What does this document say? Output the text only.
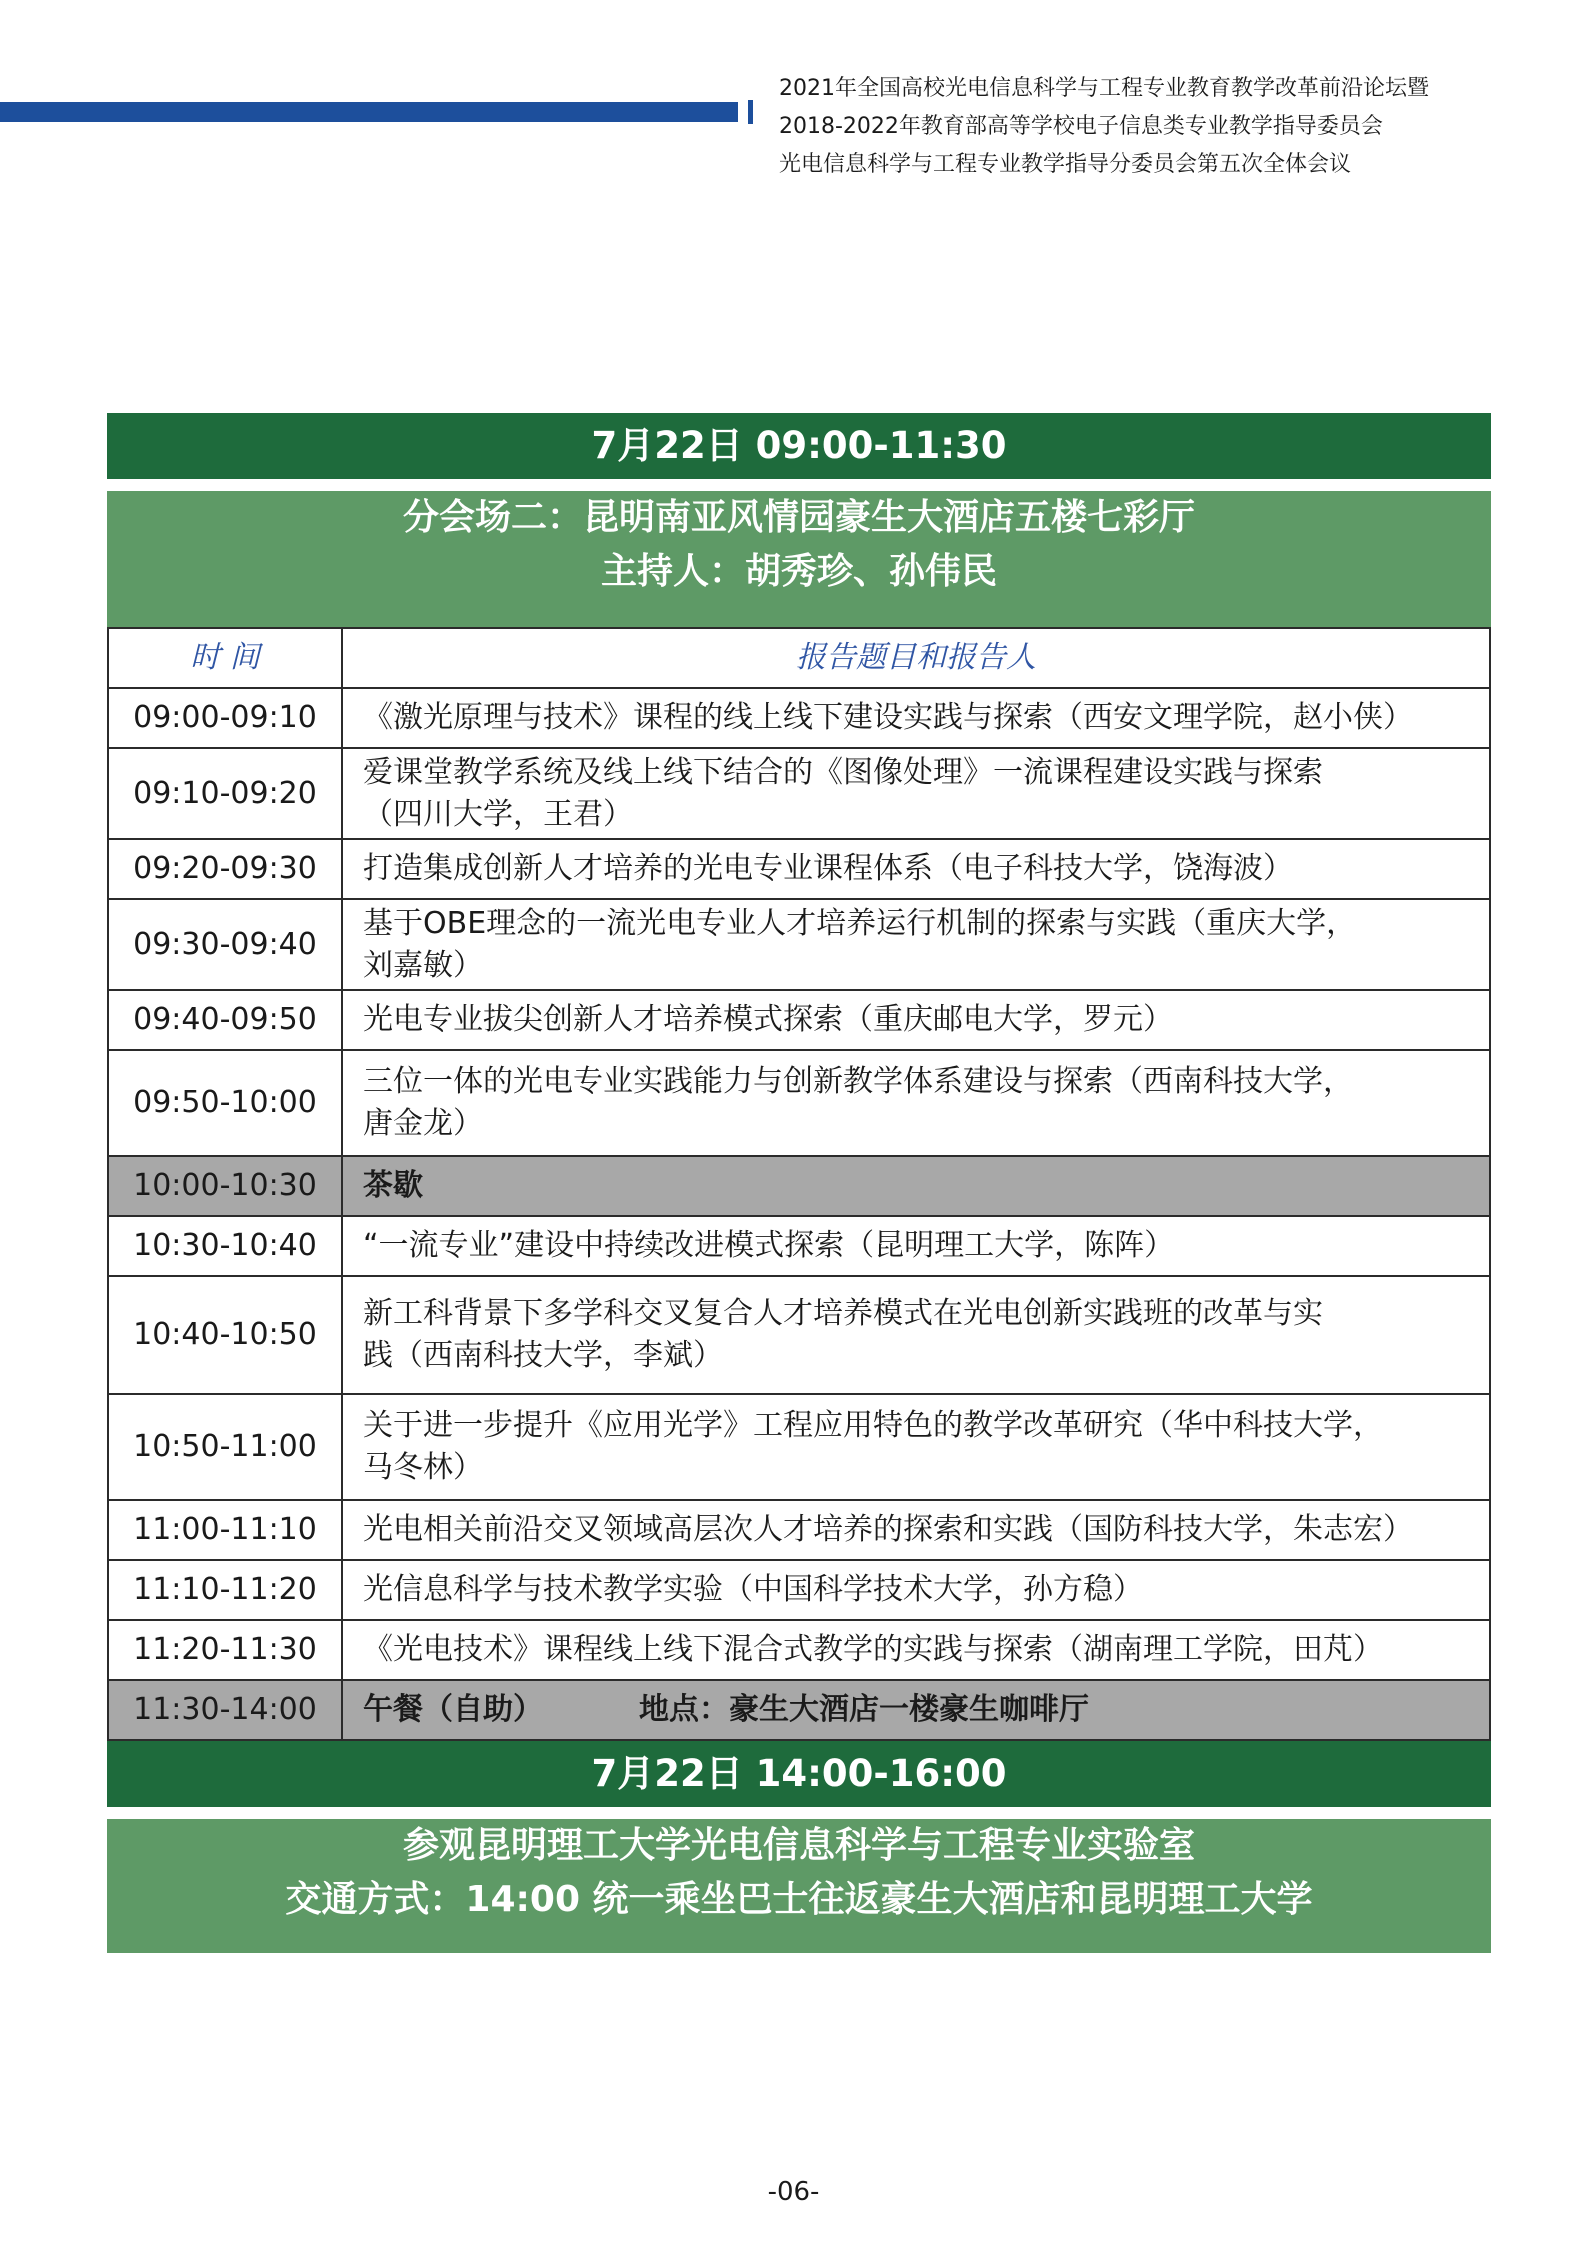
2021年全国高校光电信息科学与工程专业教育教学改革前沿论坛暨
2018-2022年教育部高等学校电子信息类专业教学指导委员会
光电信息科学与工程专业教学指导分委员会第五次全体会议
7月22日 09:00-11:30
分会场二：昆明南亚风情园豪生大酒店五楼七彩厅
主持人：胡秀珍、孙伟民
时 间	报告题目和报告人
09:00-09:10	《激光原理与技术》课程的线上线下建设实践与探索（西安文理学院，赵小侠）

09:10-09:20	爱课堂教学系统及线上线下结合的《图像处理》一流课程建设实践与探索
（四川大学，王君）

09:20-09:30	打造集成创新人才培养的光电专业课程体系（电子科技大学，饶海波）

09:30-09:40	基于OBE理念的一流光电专业人才培养运行机制的探索与实践（重庆大学，
刘嘉敏）

09:40-09:50	光电专业拔尖创新人才培养模式探索（重庆邮电大学，罗元）

09:50-10:00	三位一体的光电专业实践能力与创新教学体系建设与探索（西南科技大学，
唐金龙）

10:00-10:30	茶歇

10:30-10:40	“一流专业”建设中持续改进模式探索（昆明理工大学，陈阵）

10:40-10:50	新工科背景下多学科交叉复合人才培养模式在光电创新实践班的改革与实
践（西南科技大学，李斌）

10:50-11:00	关于进一步提升《应用光学》工程应用特色的教学改革研究（华中科技大学，
马冬林）

11:00-11:10	光电相关前沿交叉领域高层次人才培养的探索和实践（国防科技大学，朱志宏）

11:10-11:20	光信息科学与技术教学实验（中国科学技术大学，孙方稳）

11:20-11:30	《光电技术》课程线上线下混合式教学的实践与探索（湖南理工学院，田芃）

11:30-14:00	午餐（自助） 地点：豪生大酒店一楼豪生咖啡厅
7月22日 14:00-16:00
参观昆明理工大学光电信息科学与工程专业实验室
交通方式：14:00 统一乘坐巴士往返豪生大酒店和昆明理工大学
-06-
